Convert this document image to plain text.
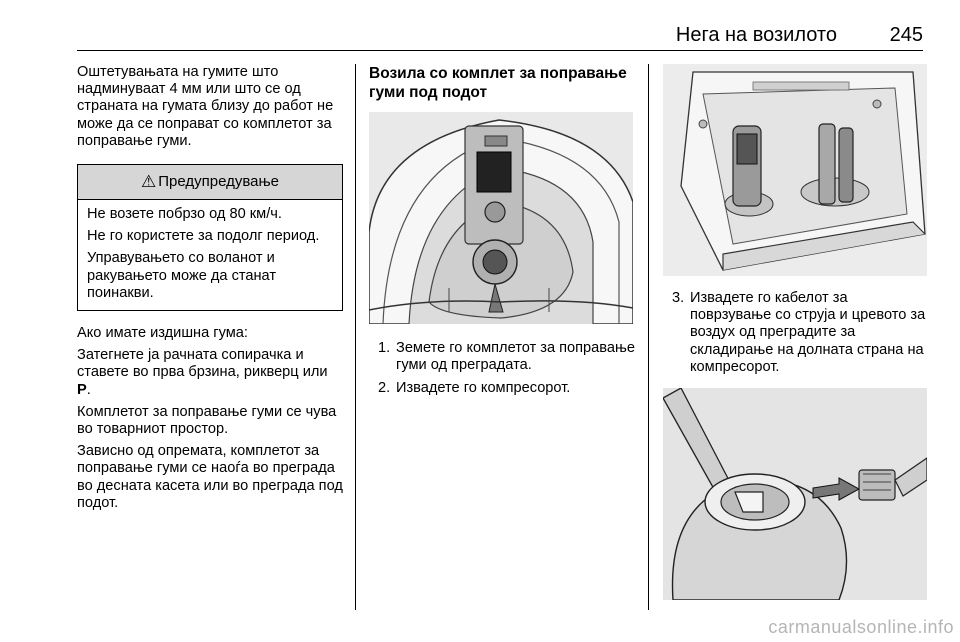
Нега на возилото	245

Оштетувањата на гумите што надминуваат 4 мм или што се од страната на гумата близу до работ не може да се поправат со комплетот за поправање гуми.

⚠ Предупредување

Не возете побрзо од 80 км/ч.

Не го користете за подолг период.

Управувањето со воланот и ракувањето може да станат поинакви.

Ако имате издишна гума:

Затегнете ја рачната сопирачка и ставете во прва брзина, рикверц или P.

Комплетот за поправање гуми се чува во товарниот простор.

Зависно од опремата, комплетот за поправање гуми се наоѓа во преграда во десната касета или во преграда под подот.

Возила со комплет за поправање гуми под подот
1. Земете го комплетот за поправање гуми од преградата.
2. Извадете го компресорот.
3. Извадете го кабелот за поврзување со струја и цревото за воздух од преградите за складирање на долната страна на компресорот.
carmanualsonline.info
